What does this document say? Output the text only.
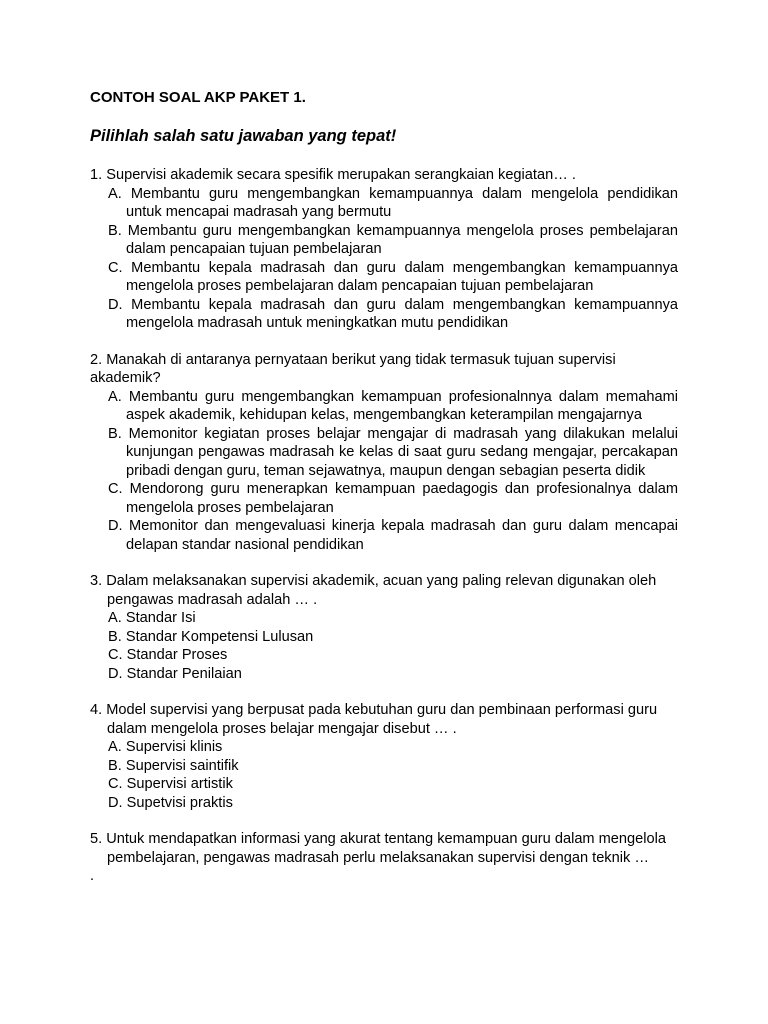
CONTOH SOAL AKP PAKET 1.

Pilihlah salah satu jawaban yang tepat!

1. Supervisi akademik secara spesifik merupakan serangkaian kegiatan… .
A. Membantu guru mengembangkan kemampuannya dalam mengelola pendidikan untuk mencapai madrasah yang bermutu
B. Membantu guru mengembangkan kemampuannya mengelola proses pembelajaran dalam pencapaian tujuan pembelajaran
C. Membantu kepala madrasah dan guru dalam mengembangkan kemampuannya mengelola proses pembelajaran dalam pencapaian tujuan pembelajaran
D. Membantu kepala madrasah dan guru dalam mengembangkan kemampuannya mengelola madrasah untuk meningkatkan mutu pendidikan
2. Manakah di antaranya pernyataan berikut yang tidak termasuk tujuan supervisi akademik?
A. Membantu guru mengembangkan kemampuan profesionalnnya dalam memahami aspek akademik, kehidupan kelas, mengembangkan keterampilan mengajarnya
B. Memonitor kegiatan proses belajar mengajar di madrasah yang dilakukan melalui kunjungan pengawas madrasah ke kelas di saat guru sedang mengajar, percakapan pribadi dengan guru, teman sejawatnya, maupun dengan sebagian peserta didik
C. Mendorong guru menerapkan kemampuan paedagogis dan profesionalnya dalam mengelola proses pembelajaran
D. Memonitor dan mengevaluasi kinerja kepala madrasah dan guru dalam mencapai delapan standar nasional pendidikan
3. Dalam melaksanakan supervisi akademik, acuan yang paling relevan digunakan oleh pengawas madrasah adalah … .
A. Standar Isi
B. Standar Kompetensi Lulusan
C. Standar Proses
D. Standar Penilaian
4. Model supervisi yang berpusat pada kebutuhan guru dan pembinaan performasi guru dalam mengelola proses belajar mengajar disebut … .
A. Supervisi klinis
B. Supervisi saintifik
C. Supervisi artistik
D. Supetvisi praktis
5. Untuk mendapatkan informasi yang akurat tentang kemampuan guru dalam mengelola pembelajaran, pengawas madrasah perlu melaksanakan supervisi dengan teknik …
.
